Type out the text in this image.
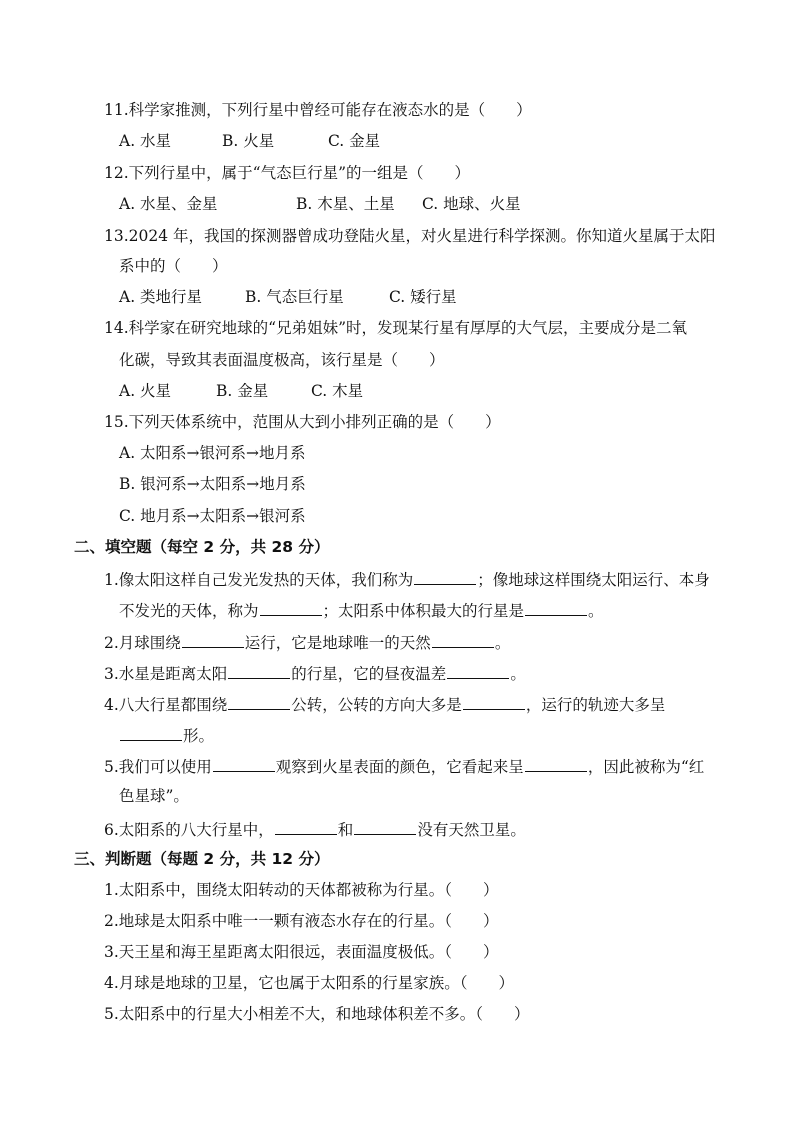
11.科学家推测，下列行星中曾经可能存在液态水的是（　　）
A. 水星	B. 火星	C. 金星
12.下列行星中，属于“气态巨行星”的一组是（　　）
A. 水星、金星	B. 木星、土星	C. 地球、火星
13.2024 年，我国的探测器曾成功登陆火星，对火星进行科学探测。你知道火星属于太阳
系中的（　　）
A. 类地行星	B. 气态巨行星	C. 矮行星
14.科学家在研究地球的“兄弟姐妹”时，发现某行星有厚厚的大气层，主要成分是二氧
化碳，导致其表面温度极高，该行星是（　　）
A. 火星	B. 金星	C. 木星
15.下列天体系统中，范围从大到小排列正确的是（　　）
A. 太阳系→银河系→地月系
B. 银河系→太阳系→地月系
C. 地月系→太阳系→银河系
二、填空题（每空 2 分，共 28 分）
1.像太阳这样自己发光发热的天体，我们称为	；像地球这样围绕太阳运行、本身
不发光的天体，称为	；太阳系中体积最大的行星是	。
2.月球围绕	运行，它是地球唯一的天然	。
3.水星是距离太阳	的行星，它的昼夜温差	。
4.八大行星都围绕	公转，公转的方向大多是	，运行的轨迹大多呈
形。
5.我们可以使用	观察到火星表面的颜色，它看起来呈	，因此被称为“红
色星球”。
6.太阳系的八大行星中，	和	没有天然卫星。
三、判断题（每题 2 分，共 12 分）
1.太阳系中，围绕太阳转动的天体都被称为行星。（　　）
2.地球是太阳系中唯一一颗有液态水存在的行星。（　　）
3.天王星和海王星距离太阳很远，表面温度极低。（　　）
4.月球是地球的卫星，它也属于太阳系的行星家族。（　　）
5.太阳系中的行星大小相差不大，和地球体积差不多。（　　）
